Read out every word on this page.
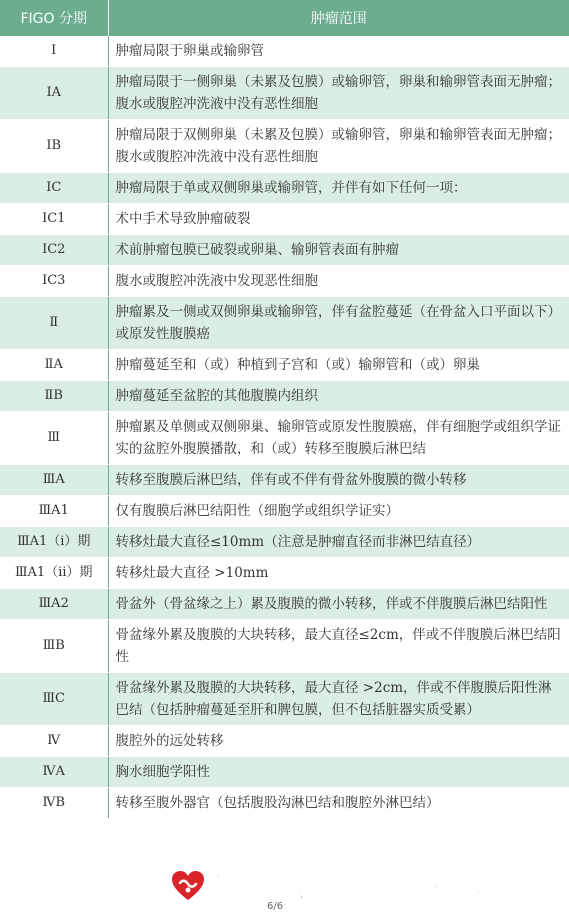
FIGO 分期	肿瘤范围
Ⅰ	肿瘤局限于卵巢或输卵管
ⅠA	肿瘤局限于一侧卵巢（未累及包膜）或输卵管，卵巢和输卵管表面无肿瘤；腹水或腹腔冲洗液中没有恶性细胞
ⅠB	肿瘤局限于双侧卵巢（未累及包膜）或输卵管，卵巢和输卵管表面无肿瘤；腹水或腹腔冲洗液中没有恶性细胞
ⅠC	肿瘤局限于单或双侧卵巢或输卵管，并伴有如下任何一项：
ⅠC1	术中手术导致肿瘤破裂
ⅠC2	术前肿瘤包膜已破裂或卵巢、输卵管表面有肿瘤
ⅠC3	腹水或腹腔冲洗液中发现恶性细胞
Ⅱ	肿瘤累及一侧或双侧卵巢或输卵管，伴有盆腔蔓延（在骨盆入口平面以下）或原发性腹膜癌
ⅡA	肿瘤蔓延至和（或）种植到子宫和（或）输卵管和（或）卵巢
ⅡB	肿瘤蔓延至盆腔的其他腹膜内组织
Ⅲ	肿瘤累及单侧或双侧卵巢、输卵管或原发性腹膜癌，伴有细胞学或组织学证实的盆腔外腹膜播散，和（或）转移至腹膜后淋巴结
ⅢA	转移至腹膜后淋巴结，伴有或不伴有骨盆外腹膜的微小转移
ⅢA1	仅有腹膜后淋巴结阳性（细胞学或组织学证实）
ⅢA1（ⅰ）期	转移灶最大直径≤10mm（注意是肿瘤直径而非淋巴结直径）
ⅢA1（ⅱ）期	转移灶最大直径 >10mm
ⅢA2	骨盆外（骨盆缘之上）累及腹膜的微小转移，伴或不伴腹膜后淋巴结阳性
ⅢB	骨盆缘外累及腹膜的大块转移，最大直径≤2cm，伴或不伴腹膜后淋巴结阳性
ⅢC	骨盆缘外累及腹膜的大块转移，最大直径 >2cm，伴或不伴腹膜后阳性淋巴结（包括肿瘤蔓延至肝和脾包膜，但不包括脏器实质受累）
Ⅳ	腹腔外的远处转移
ⅣA	胸水细胞学阳性
ⅣB	转移至腹外器官（包括腹股沟淋巴结和腹腔外淋巴结）
焦作中海中医肿瘤医院
6/6
